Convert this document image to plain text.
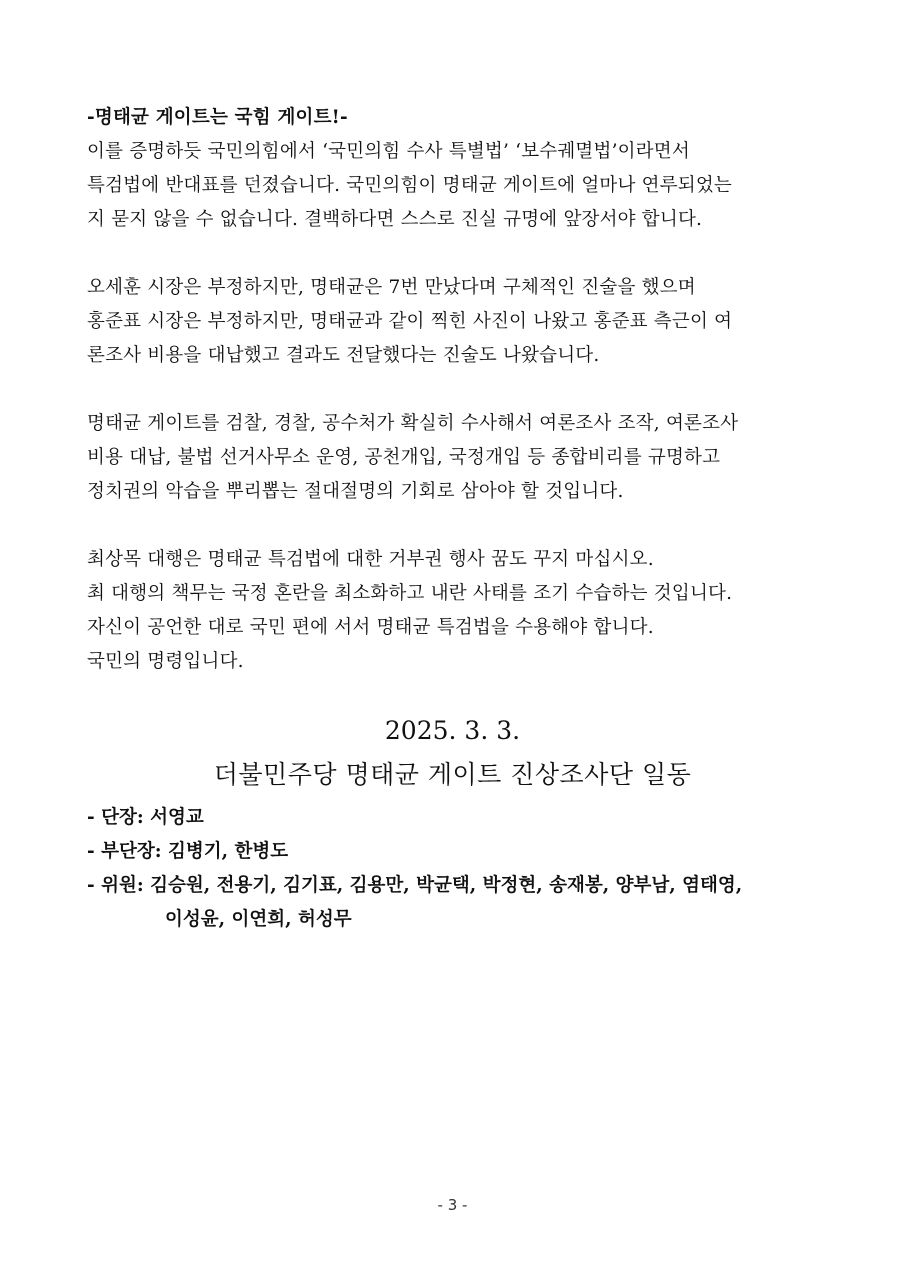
-명태균 게이트는 국힘 게이트!-
이를 증명하듯 국민의힘에서 ‘국민의힘 수사 특별법’ ‘보수궤멸법’이라면서
특검법에 반대표를 던졌습니다. 국민의힘이 명태균 게이트에 얼마나 연루되었는
지 묻지 않을 수 없습니다. 결백하다면 스스로 진실 규명에 앞장서야 합니다.
오세훈 시장은 부정하지만, 명태균은 7번 만났다며 구체적인 진술을 했으며
홍준표 시장은 부정하지만, 명태균과 같이 찍힌 사진이 나왔고 홍준표 측근이 여
론조사 비용을 대납했고 결과도 전달했다는 진술도 나왔습니다.
명태균 게이트를 검찰, 경찰, 공수처가 확실히 수사해서 여론조사 조작, 여론조사
비용 대납, 불법 선거사무소 운영, 공천개입, 국정개입 등 종합비리를 규명하고
정치권의 악습을 뿌리뽑는 절대절명의 기회로 삼아야 할 것입니다.
최상목 대행은 명태균 특검법에 대한 거부권 행사 꿈도 꾸지 마십시오.
최 대행의 책무는 국정 혼란을 최소화하고 내란 사태를 조기 수습하는 것입니다.
자신이 공언한 대로 국민 편에 서서 명태균 특검법을 수용해야 합니다.
국민의 명령입니다.
2025. 3. 3.
더불민주당 명태균 게이트 진상조사단 일동
- 단장: 서영교
- 부단장: 김병기, 한병도
- 위원: 김승원, 전용기, 김기표, 김용만, 박균택, 박정현, 송재봉, 양부남, 염태영,
이성윤, 이연희, 허성무
- 3 -
